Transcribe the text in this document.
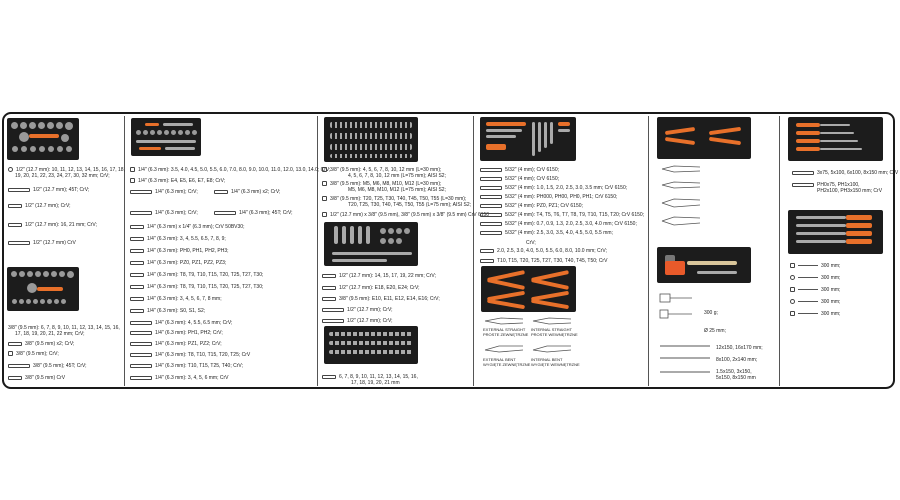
1/2" (12.7 mm): 10, 11, 12, 13, 14, 15, 16, 17, 18,
19, 20, 21, 22, 23, 24, 27, 30, 32 mm; CrV;
1/2" (12.7 mm); 45T; CrV;
1/2" (12.7 mm); CrV;
1/2" (12.7 mm): 16, 21 mm; CrV;
1/2" (12.7 mm) CrV
3/8" (9.5 mm): 6, 7, 8, 9, 10, 11, 12, 13, 14, 15, 16,
17, 18, 19, 20, 21, 22 mm; CrV;
3/8" (9.5 mm) x2; CrV;
3/8" (9.5 mm); CrV;
3/8" (9.5 mm); 45T; CrV;
3/8" (9.5 mm) CrV
1/4" (6.3 mm): 3.5, 4.0, 4.5, 5.0, 5.5, 6.0, 7.0, 8.0, 9.0, 10.0, 11.0, 12.0, 13.0, 14.0; CrV;
1/4" (6.3 mm): E4, E5, E6, E7, E8; CrV;
1/4" (6.3 mm); CrV;	1/4" (6.3 mm) x2; CrV;
1/4" (6.3 mm); CrV;	1/4" (6.3 mm); 45T; CrV;
1/4" (6.3 mm) x 1/4" (6.3 mm); CrV 50BV30;
1/4" (6.3 mm): 3, 4, 5.5, 6.5, 7, 8, 9;
1/4" (6.3 mm): PH0, PH1, PH2, PH3;
1/4" (6.3 mm): PZ0, PZ1, PZ2, PZ3;
1/4" (6.3 mm): T8, T9, T10, T15, T20, T25, T27, T30;
1/4" (6.3 mm): T8, T9, T10, T15, T20, T25, T27, T30;
1/4" (6.3 mm): 3, 4, 5, 6, 7, 8 mm;
1/4" (6.3 mm): S0, S1, S2;
1/4" (6.3 mm): 4, 5.5, 6.5 mm; CrV;
1/4" (6.3 mm): PH1, PH2; CrV;
1/4" (6.3 mm): PZ1, PZ2; CrV;
1/4" (6.3 mm): T8, T10, T15, T20, T25; CrV
1/4" (6.3 mm): T10, T15, T25, T40; CrV;
1/4" (6.3 mm): 3, 4, 5, 6 mm; CrV
3/8" (9.5 mm): 4, 5, 6, 7, 8, 10, 12 mm (L=30 mm);
4, 5, 6, 7, 8, 10, 12 mm (L=75 mm); AISI S2;
3/8" (9.5 mm): M5, M6, M8, M10, M12 (L=30 mm);
M5, M6, M8, M10, M12 (L=75 mm); AISI S2;
3/8" (9.5 mm): T20, T25, T30, T40, T45, T50, T55 (L=30 mm);
T20, T25, T30, T40, T45, T50, T55 (L=75 mm); AISI S2;
1/2" (12.7 mm) x 3/8" (9.5 mm), 3/8" (9.5 mm) x 3/8" (9.5 mm) CrV 6150
1/2" (12.7 mm): 14, 15, 17, 19, 22 mm; CrV;
1/2" (12.7 mm): E18, E20, E24; CrV;
3/8" (9.5 mm): E10, E11, E12, E14, E16; CrV;
1/2" (12.7 mm); CrV;
1/2" (12.7 mm); CrV;
6, 7, 8, 9, 10, 11, 12, 13, 14, 15, 16,
17, 18, 19, 20, 21 mm
5/32" (4 mm); CrV 6150;
5/32" (4 mm); CrV 6150;
5/32" (4 mm): 1.0, 1.5, 2.0, 2.5, 3.0, 3.5 mm; CrV 6150;
5/32" (4 mm): PH000, PH00, PH0, PH1; CrV 6150;
5/32" (4 mm): PZ0, PZ1; CrV 6150;
5/32" (4 mm): T4, T5, T6, T7, T8, T9, T10, T15, T20; CrV 6150;
5/32" (4 mm): 0.7, 0.9, 1.3, 2.0, 2.5, 3.0, 4.0 mm; CrV 6150;
5/32" (4 mm): 2.5, 3.0, 3.5, 4.0, 4.5, 5.0, 5.5 mm;
CrV;
2.0, 2.5, 3.0, 4.0, 5.0, 5.5, 6.0, 8.0, 10.0 mm; CrV;
T10, T15, T20, T25, T27, T30, T40, T45, T50; CrV
EXTERNAL STRAIGHT
PROSTE ZEWNĘTRZNE
INTERNAL STRAIGHT
PROSTE WEWNĘTRZNE
EXTERNAL BENT
WYGIĘTE ZEWNĘTRZNE
INTERNAL BENT
WYGIĘTE WEWNĘTRZNE
300 g;
Ø 25 mm;
12x150, 16x170 mm;
8x100, 2x140 mm;
1.5x150, 3x150,
5x150, 8x150 mm
3x75, 5x100, 6x100, 8x150 mm; CrV
PH0x75, PH1x100,
PH2x100, PH3x150 mm; CrV
300 mm;
300 mm;
300 mm;
300 mm;
300 mm;
